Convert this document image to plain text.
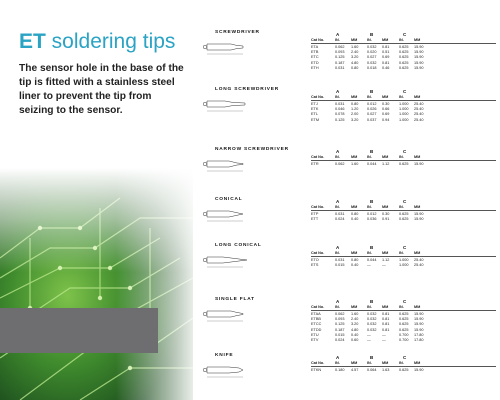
ET soldering tips
The sensor hole in the base of the tip is fitted with a stainless steel liner to prevent the tip from seizing to the sensor.
SCREWDRIVER	A	B	C
Cat No.	IN.	MM	IN.	MM	IN.	MM
ETA	0.062 1.60 0.032 0.81	0.625 15.90
ETB	0.093 2.40 0.020 0.51	0.625 15.90
ETC	0.125 3.20 0.027 0.69	0.625 15.90
ETD	0.187 4.80 0.032 0.81	0.625 15.90
ETH	0.031 0.80 0.018 0.46	0.625 15.90
LONG SCREWDRIVER	A	B	C
Cat No.	IN.	MM	IN.	MM	IN.	MM
ETJ	0.031 0.80 0.012 0.30	1.000 25.40
ETK	0.046 1.20 0.026 0.66	1.000 25.40
ETL	0.078 2.00 0.027 0.69	1.000 25.40
ETM	0.125 3.20 0.037 0.94	1.000 25.40
NARROW SCREWDRIVER	A	B	C
Cat No.	IN.	MM	IN.	MM	IN.	MM
ETR	0.062 1.60 0.044 1.12	0.625 15.90
CONICAL	A	B	C
Cat No.	IN.	MM	IN.	MM	IN.	MM
ETP	0.031 0.80 0.012 0.30	0.625 15.90
ETT	0.024 0.40 0.036 0.91	0.625 15.90
LONG CONICAL	A	B	C
Cat No.	IN.	MM	IN.	MM	IN.	MM
ETO	0.031 0.80 0.044 1.12	1.000 25.40
ETS	0.015 0.40 —	—	1.000 25.40
SINGLE FLAT	A	B	C
Cat No.	IN.	MM	IN.	MM	IN.	MM
ETAA	0.062 1.60 0.032 0.81	0.625 15.90
ETBB	0.093 2.40 0.032 0.81	0.625 15.90
ETCC	0.125 3.20 0.032 0.81	0.625 15.90
ETDD	0.187 4.80 0.032 0.81	0.625 15.90
ETU	0.015 0.40 —	—	0.700 17.80
ETV	0.024 0.60 —	—	0.700 17.80
KNIFE	A	B	C
Cat No.	IN.	MM	IN.	MM	IN.	MM
ETKN	0.180 4.57 0.064 1.63	0.625 15.90
